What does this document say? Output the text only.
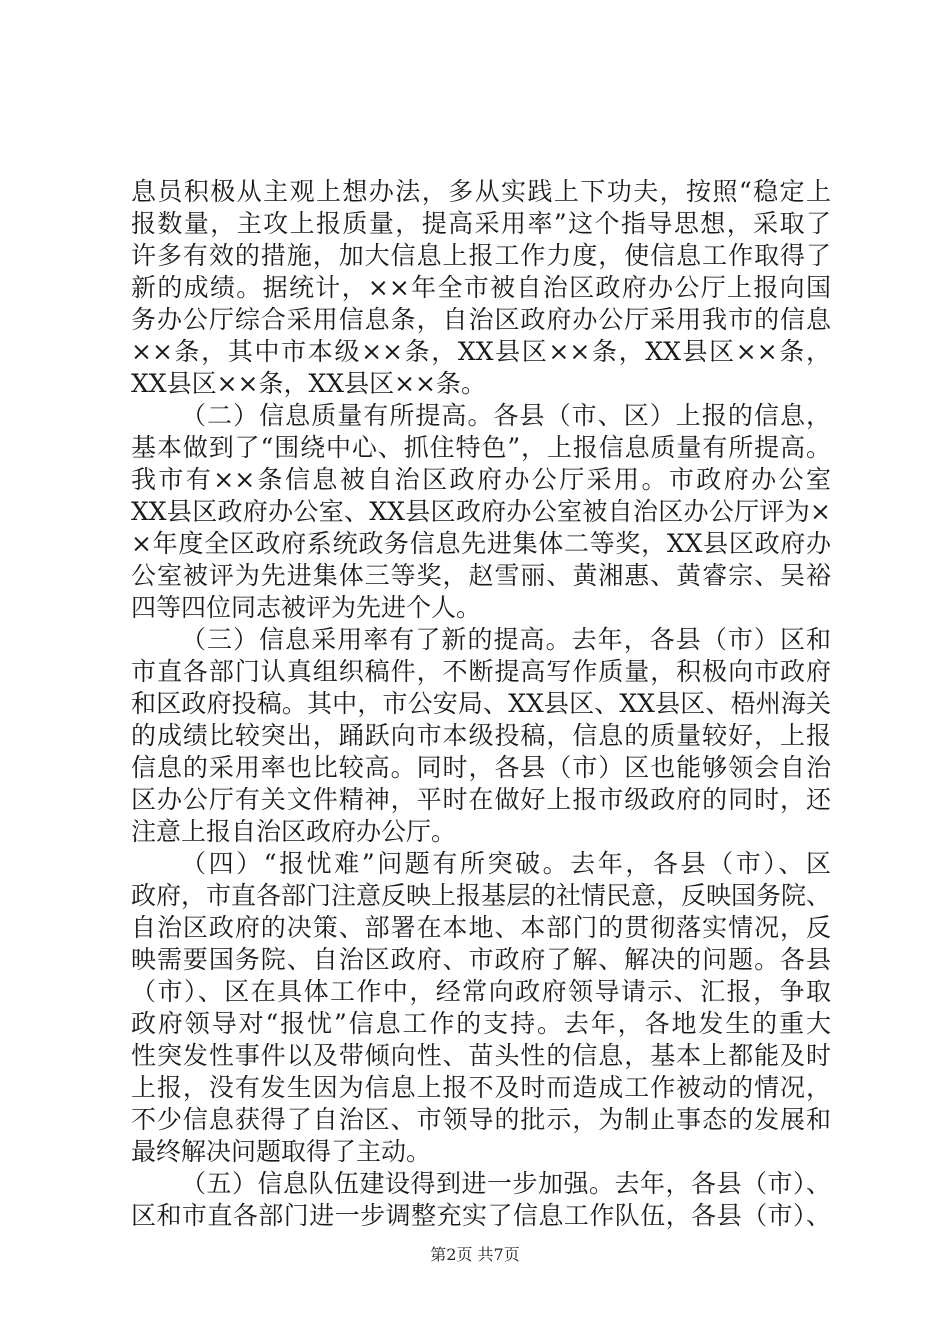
息员积极从主观上想办法，多从实践上下功夫，按照“稳定上
报数量，主攻上报质量，提高采用率”这个指导思想，采取了
许多有效的措施，加大信息上报工作力度，使信息工作取得了
新的成绩。据统计，××年全市被自治区政府办公厅上报向国
务办公厅综合采用信息条，自治区政府办公厅采用我市的信息
××条，其中市本级××条，XX县区××条，XX县区××条，
XX县区××条，XX县区××条。
（二）信息质量有所提高。各县（市、区）上报的信息，
基本做到了“围绕中心、抓住特色”，上报信息质量有所提高。
我市有××条信息被自治区政府办公厅采用。市政府办公室
XX县区政府办公室、XX县区政府办公室被自治区办公厅评为×
×年度全区政府系统政务信息先进集体二等奖，XX县区政府办
公室被评为先进集体三等奖，赵雪丽、黄湘惠、黄睿宗、吴裕
四等四位同志被评为先进个人。
（三）信息采用率有了新的提高。去年，各县（市）区和
市直各部门认真组织稿件，不断提高写作质量，积极向市政府
和区政府投稿。其中，市公安局、XX县区、XX县区、梧州海关
的成绩比较突出，踊跃向市本级投稿，信息的质量较好，上报
信息的采用率也比较高。同时，各县（市）区也能够领会自治
区办公厅有关文件精神，平时在做好上报市级政府的同时，还
注意上报自治区政府办公厅。
（四）“报忧难”问题有所突破。去年，各县（市）、区
政府，市直各部门注意反映上报基层的社情民意，反映国务院、
自治区政府的决策、部署在本地、本部门的贯彻落实情况，反
映需要国务院、自治区政府、市政府了解、解决的问题。各县
（市）、区在具体工作中，经常向政府领导请示、汇报，争取
政府领导对“报忧”信息工作的支持。去年，各地发生的重大
性突发性事件以及带倾向性、苗头性的信息，基本上都能及时
上报，没有发生因为信息上报不及时而造成工作被动的情况，
不少信息获得了自治区、市领导的批示，为制止事态的发展和
最终解决问题取得了主动。
（五）信息队伍建设得到进一步加强。去年，各县（市）、
区和市直各部门进一步调整充实了信息工作队伍，各县（市）、
第2页 共7页
